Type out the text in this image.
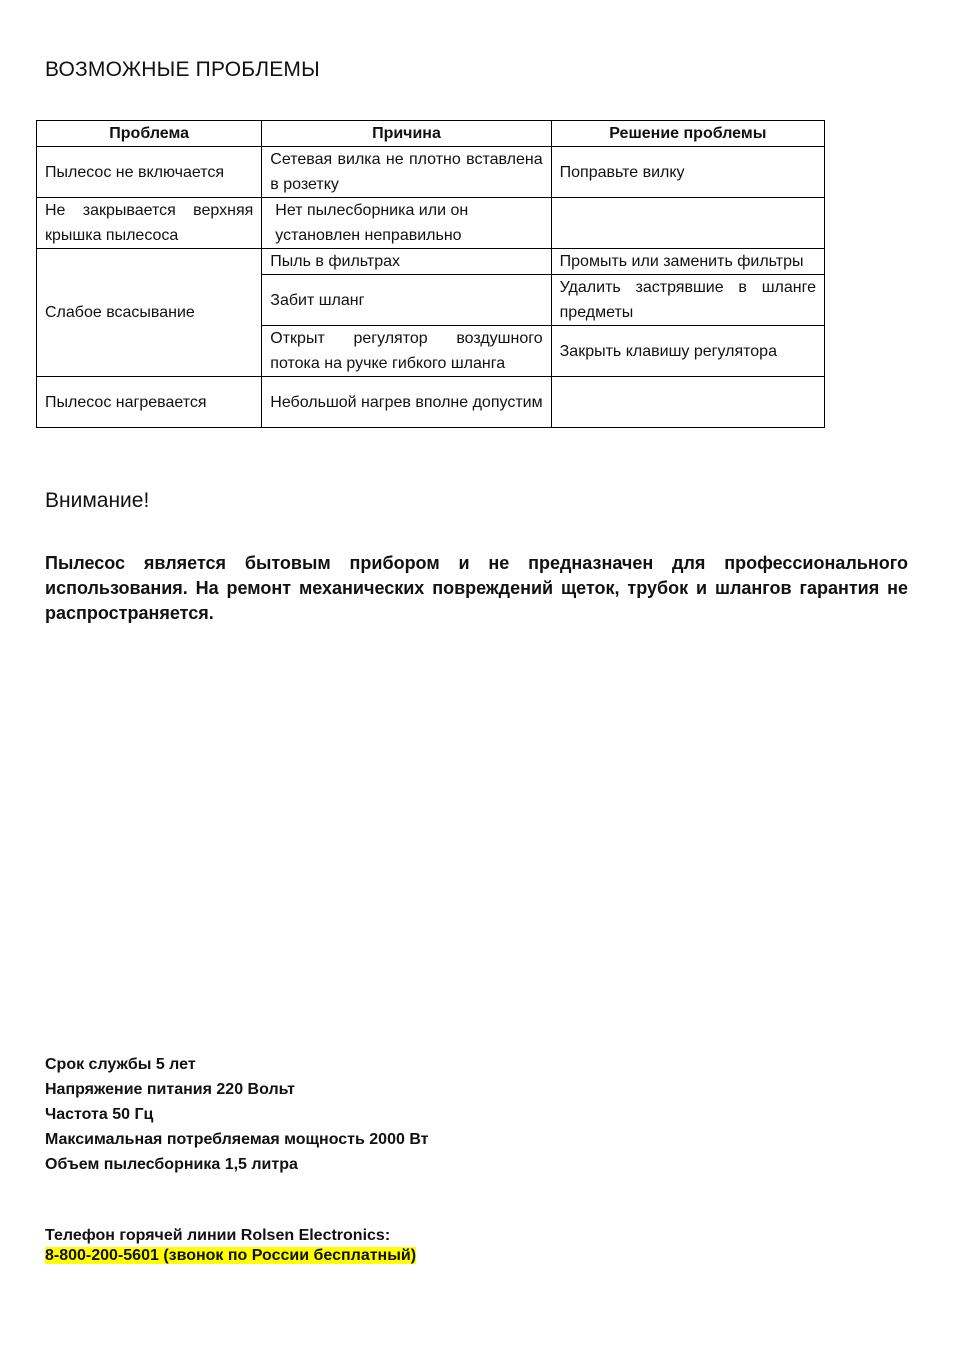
ВОЗМОЖНЫЕ ПРОБЛЕМЫ
Проблема	Причина	Решение проблемы
Пылесос не включается	Сетевая вилка не плотно вставлена в розетку	Поправьте вилку
Не закрывается верхняя крышка пылесоса	Нет пылесборника или он установлен неправильно	
Слабое всасывание	Пыль в фильтрах	Промыть или заменить фильтры
	Забит шланг	Удалить застрявшие в шланге предметы
	Открыт регулятор воздушного потока на ручке гибкого шланга	Закрыть клавишу регулятора
Пылесос нагревается	Небольшой нагрев вполне допустим	
Внимание!
Пылесос является бытовым прибором и не предназначен для профессионального использования. На ремонт механических повреждений щеток, трубок и шлангов гарантия не распространяется.
Срок службы 5 лет
Напряжение питания 220 Вольт
Частота 50 Гц
Максимальная потребляемая мощность 2000 Вт
Объем пылесборника 1,5 литра
Телефон горячей линии Rolsen Electronics:
8-800-200-5601 (звонок по России бесплатный)
